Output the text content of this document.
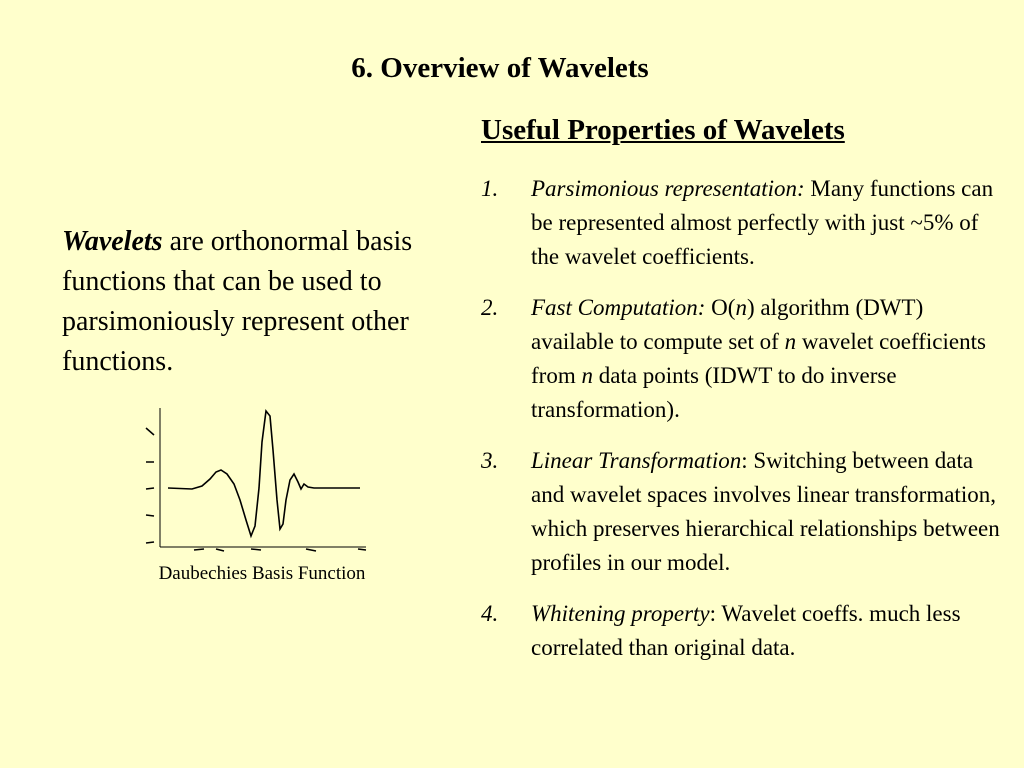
6. Overview of Wavelets
Wavelets are orthonormal basis functions that can be used to parsimoniously represent other functions.
Daubechies Basis Function
Useful Properties of Wavelets
1. Parsimonious representation: Many functions can be represented almost perfectly with just ~5% of the wavelet coefficients.
2. Fast Computation: O(n) algorithm (DWT) available to compute set of n wavelet coefficients from n data points (IDWT to do inverse transformation).
3. Linear Transformation: Switching between data and wavelet spaces involves linear transformation, which preserves hierarchical relationships between profiles in our model.
4. Whitening property: Wavelet coeffs. much less correlated than original data.
